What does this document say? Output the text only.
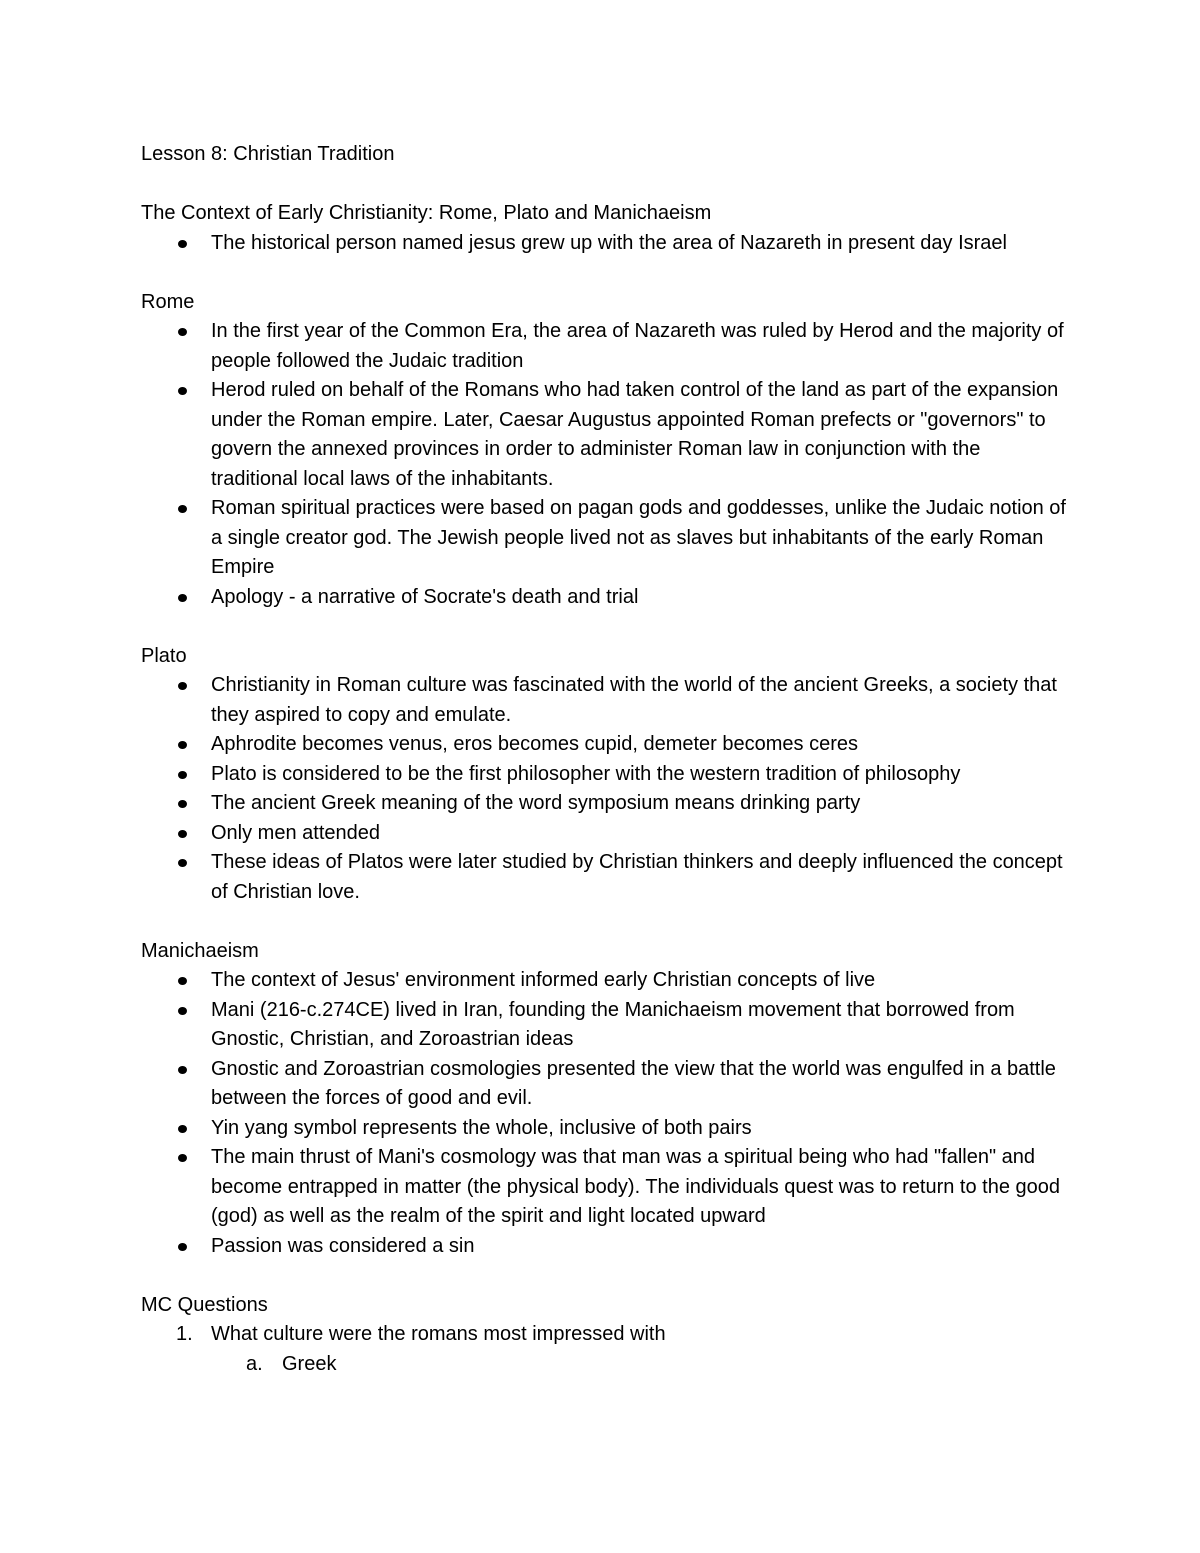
Lesson 8: Christian Tradition

The Context of Early Christianity: Rome, Plato and Manichaeism

The historical person named jesus grew up with the area of Nazareth in present day Israel

Rome

In the first year of the Common Era, the area of Nazareth was ruled by Herod and the majority of people followed the Judaic tradition
Herod ruled on behalf of the Romans who had taken control of the land as part of the expansion under the Roman empire. Later, Caesar Augustus appointed Roman prefects or "governors" to govern the annexed provinces in order to administer Roman law in conjunction with the traditional local laws of the inhabitants.
Roman spiritual practices were based on pagan gods and goddesses, unlike the Judaic notion of a single creator god. The Jewish people lived not as slaves but inhabitants of the early Roman Empire
Apology - a narrative of Socrate's death and trial

Plato

Christianity in Roman culture was fascinated with the world of the ancient Greeks, a society that they aspired to copy and emulate.
Aphrodite becomes venus, eros becomes cupid, demeter becomes ceres
Plato is considered to be the first philosopher with the western tradition of philosophy
The ancient Greek meaning of the word symposium means drinking party
Only men attended
These ideas of Platos were later studied by Christian thinkers and deeply influenced the concept of Christian love.

Manichaeism

The context of Jesus' environment informed early Christian concepts of live
Mani (216-c.274CE) lived in Iran, founding the Manichaeism movement that borrowed from Gnostic, Christian, and Zoroastrian ideas
Gnostic and Zoroastrian cosmologies presented the view that the world was engulfed in a battle between the forces of good and evil.
Yin yang symbol represents the whole, inclusive of both pairs
The main thrust of Mani's cosmology was that man was a spiritual being who had "fallen" and become entrapped in matter (the physical body). The individuals quest was to return to the good (god) as well as the realm of the spirit and light located upward
Passion was considered a sin

MC Questions

1. What culture were the romans most impressed with
a. Greek
